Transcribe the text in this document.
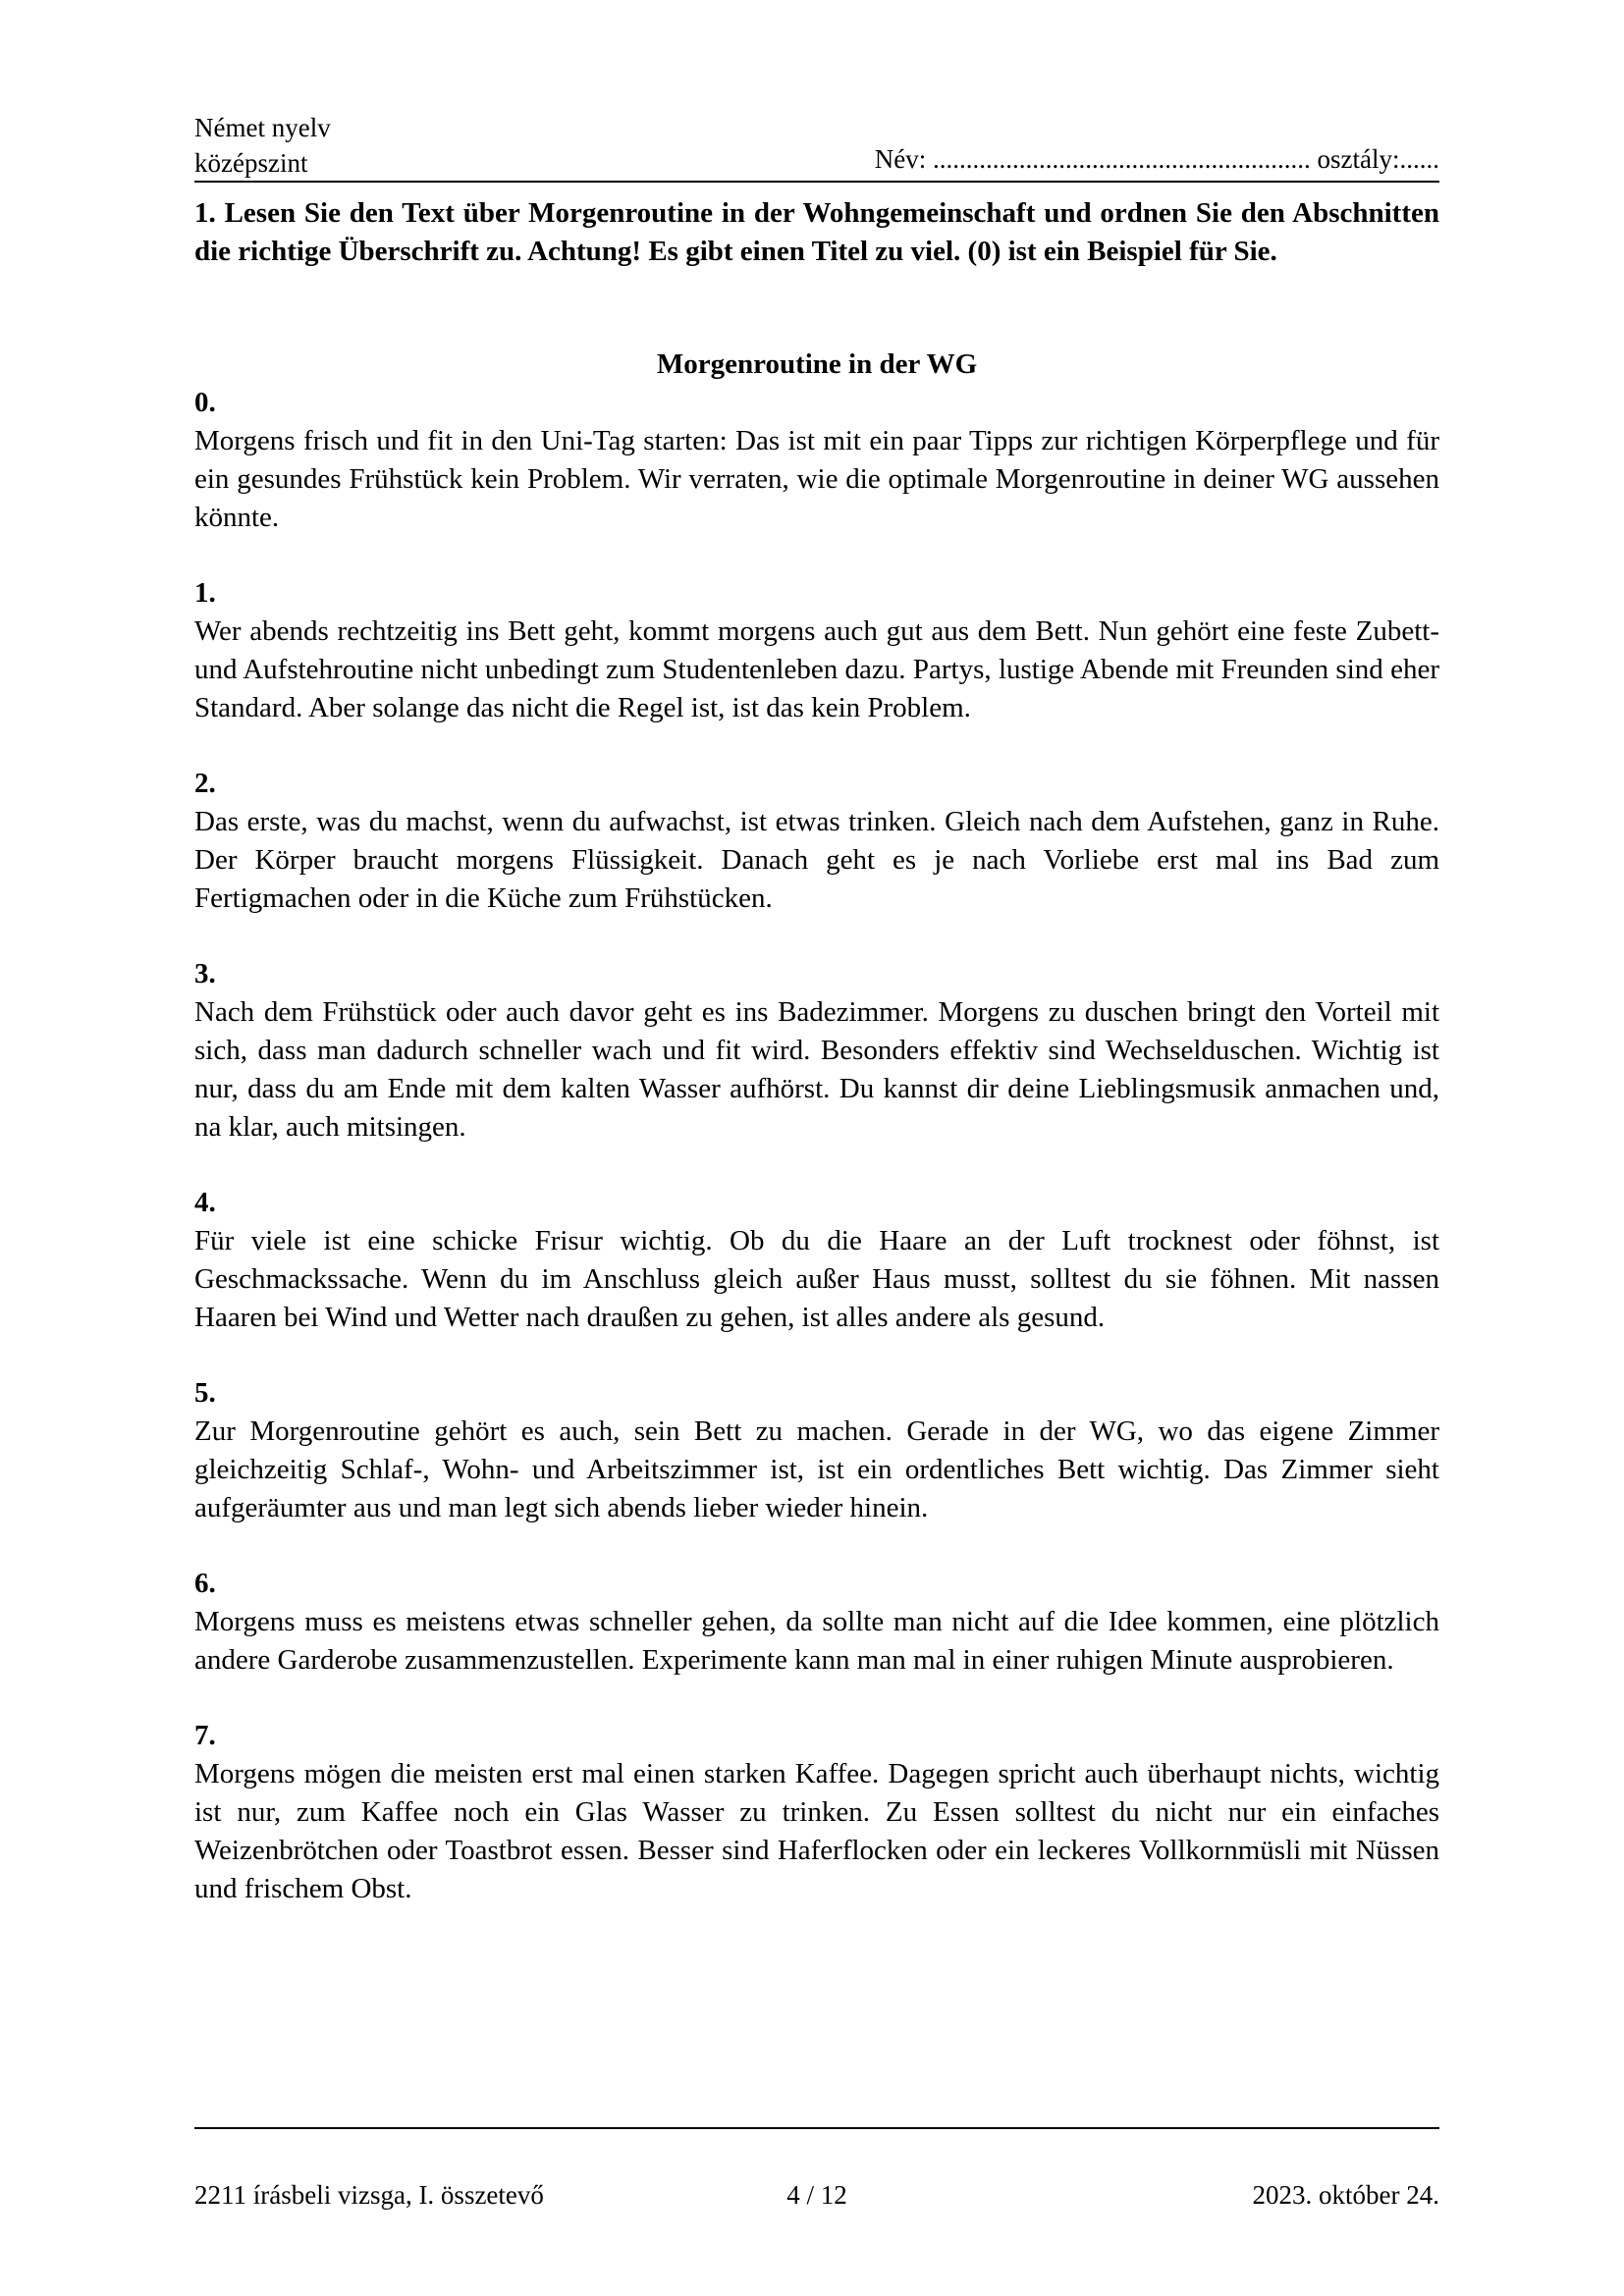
Német nyelv
középszint	Név: ......................................................... osztály:......
1. Lesen Sie den Text über Morgenroutine in der Wohngemeinschaft und ordnen Sie den Abschnitten die richtige Überschrift zu. Achtung! Es gibt einen Titel zu viel. (0) ist ein Beispiel für Sie.
Morgenroutine in der WG
0.
Morgens frisch und fit in den Uni-Tag starten: Das ist mit ein paar Tipps zur richtigen Körperpflege und für ein gesundes Frühstück kein Problem. Wir verraten, wie die optimale Morgenroutine in deiner WG aussehen könnte.
1.
Wer abends rechtzeitig ins Bett geht, kommt morgens auch gut aus dem Bett. Nun gehört eine feste Zubett- und Aufstehroutine nicht unbedingt zum Studentenleben dazu. Partys, lustige Abende mit Freunden sind eher Standard. Aber solange das nicht die Regel ist, ist das kein Problem.
2.
Das erste, was du machst, wenn du aufwachst, ist etwas trinken. Gleich nach dem Aufstehen, ganz in Ruhe. Der Körper braucht morgens Flüssigkeit. Danach geht es je nach Vorliebe erst mal ins Bad zum Fertigmachen oder in die Küche zum Frühstücken.
3.
Nach dem Frühstück oder auch davor geht es ins Badezimmer. Morgens zu duschen bringt den Vorteil mit sich, dass man dadurch schneller wach und fit wird. Besonders effektiv sind Wechselduschen. Wichtig ist nur, dass du am Ende mit dem kalten Wasser aufhörst. Du kannst dir deine Lieblingsmusik anmachen und, na klar, auch mitsingen.
4.
Für viele ist eine schicke Frisur wichtig. Ob du die Haare an der Luft trocknest oder föhnst, ist Geschmackssache. Wenn du im Anschluss gleich außer Haus musst, solltest du sie föhnen. Mit nassen Haaren bei Wind und Wetter nach draußen zu gehen, ist alles andere als gesund.
5.
Zur Morgenroutine gehört es auch, sein Bett zu machen. Gerade in der WG, wo das eigene Zimmer gleichzeitig Schlaf-, Wohn- und Arbeitszimmer ist, ist ein ordentliches Bett wichtig. Das Zimmer sieht aufgeräumter aus und man legt sich abends lieber wieder hinein.
6.
Morgens muss es meistens etwas schneller gehen, da sollte man nicht auf die Idee kommen, eine plötzlich andere Garderobe zusammenzustellen. Experimente kann man mal in einer ruhigen Minute ausprobieren.
7.
Morgens mögen die meisten erst mal einen starken Kaffee. Dagegen spricht auch überhaupt nichts, wichtig ist nur, zum Kaffee noch ein Glas Wasser zu trinken. Zu Essen solltest du nicht nur ein einfaches Weizenbrötchen oder Toastbrot essen. Besser sind Haferflocken oder ein leckeres Vollkornmüsli mit Nüssen und frischem Obst.
2211 írásbeli vizsga, I. összetevő	4 / 12	2023. október 24.
